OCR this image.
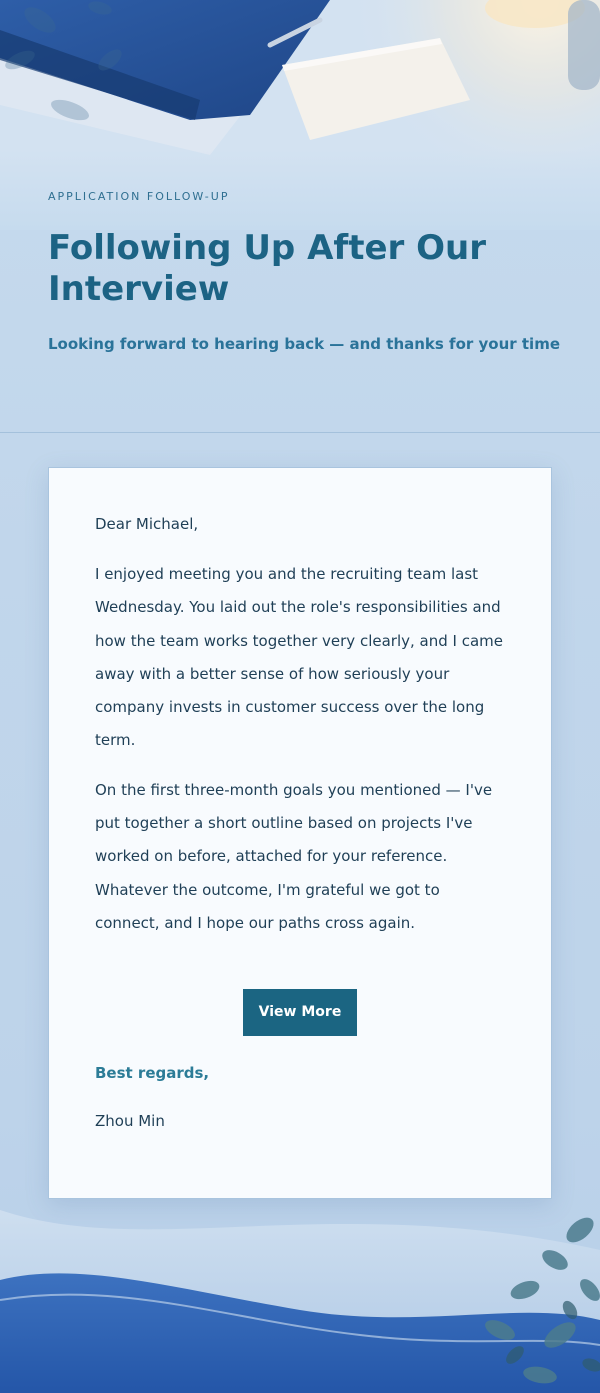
APPLICATION FOLLOW-UP
Following Up After Our Interview
Looking forward to hearing back — and thanks for your time

Dear Michael,

I enjoyed meeting you and the recruiting team last Wednesday. You laid out the role's responsibilities and how the team works together very clearly, and I came away with a better sense of how seriously your company invests in customer success over the long term.

On the first three-month goals you mentioned — I've put together a short outline based on projects I've worked on before, attached for your reference. Whatever the outcome, I'm grateful we got to connect, and I hope our paths cross again.

View More
Best regards,
Zhou Min
